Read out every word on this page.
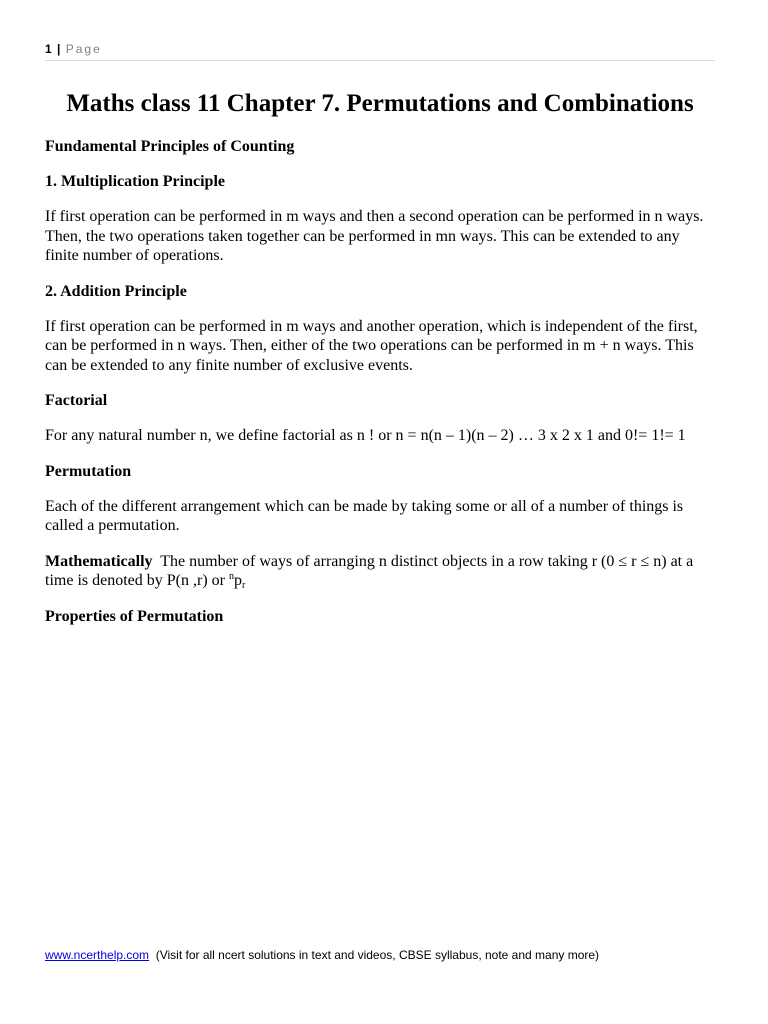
1 | Page
Maths class 11 Chapter 7. Permutations and Combinations
Fundamental Principles of Counting
1. Multiplication Principle

If first operation can be performed in m ways and then a second operation can be performed in n ways. Then, the two operations taken together can be performed in mn ways. This can be extended to any finite number of operations.

2. Addition Principle

If first operation can be performed in m ways and another operation, which is independent of the first, can be performed in n ways. Then, either of the two operations can be performed in m + n ways. This can be extended to any finite number of exclusive events.

Factorial

For any natural number n, we define factorial as n ! or n = n(n – 1)(n – 2) … 3 x 2 x 1 and 0!= 1!= 1

Permutation

Each of the different arrangement which can be made by taking some or all of a number of things is called a permutation.

Mathematically The number of ways of arranging n distinct objects in a row taking r (0 ≤ r ≤ n) at a time is denoted by P(n ,r) or $^np_r$

Properties of Permutation
www.ncerthelp.com (Visit for all ncert solutions in text and videos, CBSE syllabus, note and many more)
